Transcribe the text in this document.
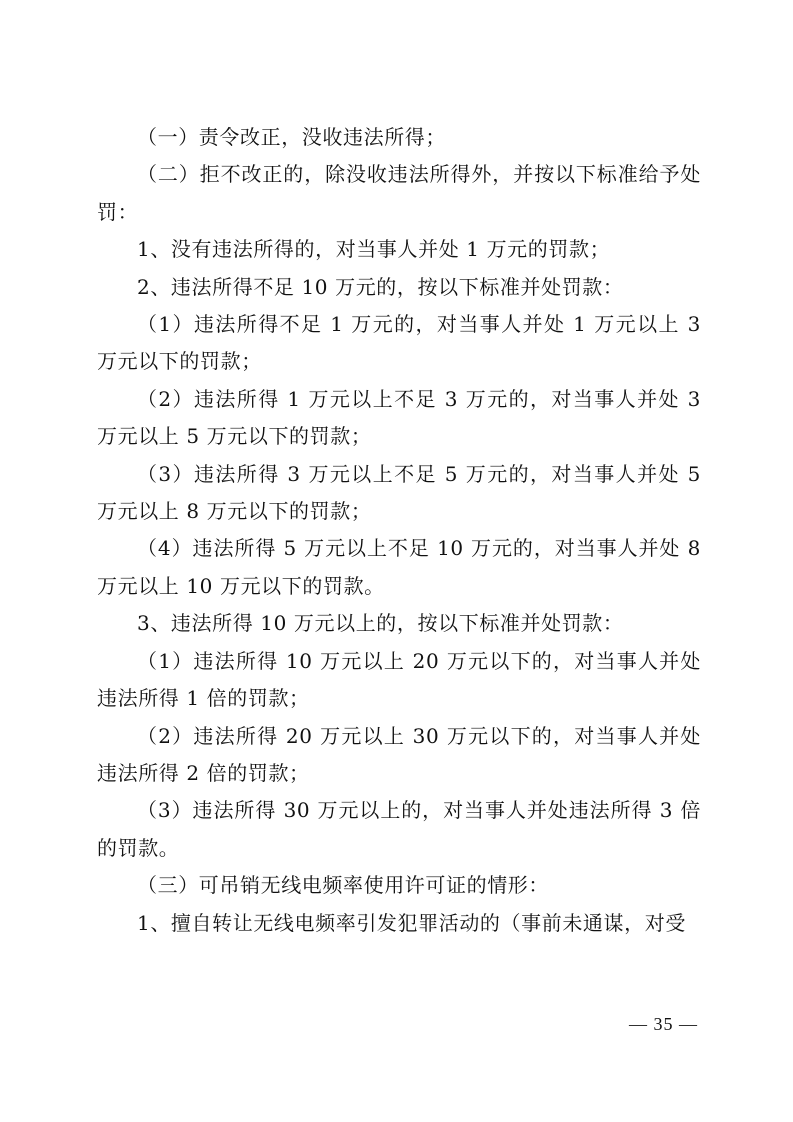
（一）责令改正，没收违法所得；

（二）拒不改正的，除没收违法所得外，并按以下标准给予处罚：

1、没有违法所得的，对当事人并处 1 万元的罚款；

2、违法所得不足 10 万元的，按以下标准并处罚款：

（1）违法所得不足 1 万元的，对当事人并处 1 万元以上 3 万元以下的罚款；

（2）违法所得 1 万元以上不足 3 万元的，对当事人并处 3 万元以上 5 万元以下的罚款；

（3）违法所得 3 万元以上不足 5 万元的，对当事人并处 5 万元以上 8 万元以下的罚款；

（4）违法所得 5 万元以上不足 10 万元的，对当事人并处 8 万元以上 10 万元以下的罚款。

3、违法所得 10 万元以上的，按以下标准并处罚款：

（1）违法所得 10 万元以上 20 万元以下的，对当事人并处违法所得 1 倍的罚款；

（2）违法所得 20 万元以上 30 万元以下的，对当事人并处违法所得 2 倍的罚款；

（3）违法所得 30 万元以上的，对当事人并处违法所得 3 倍的罚款。

（三）可吊销无线电频率使用许可证的情形：

1、擅自转让无线电频率引发犯罪活动的（事前未通谋，对受

— 35 —
